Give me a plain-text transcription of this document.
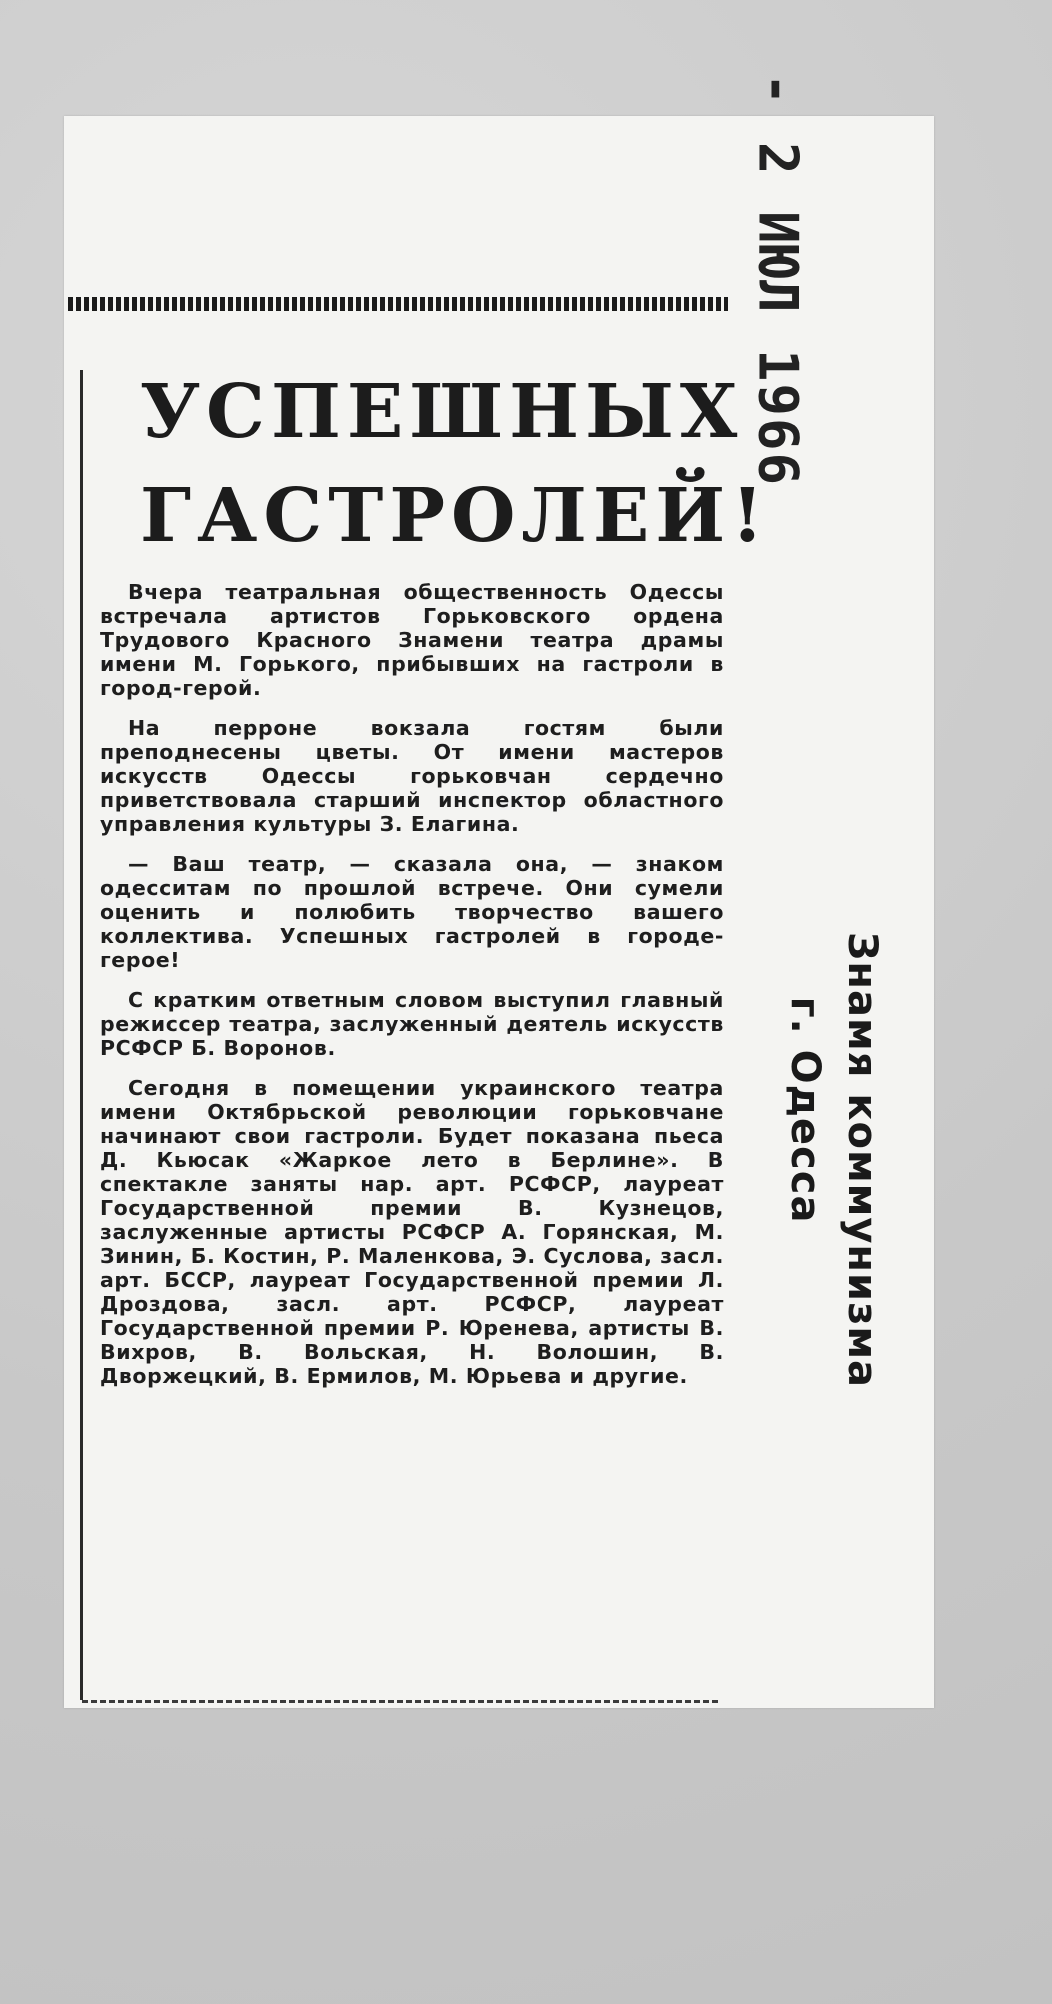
УСПЕШНЫХ
ГАСТРОЛЕЙ!

Вчера театральная общественность Одессы встречала артистов Горьковского ордена Трудового Красного Знамени театра драмы имени М. Горького, прибывших на гастроли в город-герой.

На перроне вокзала гостям были преподнесены цветы. От имени мастеров искусств Одессы горьковчан сердечно приветствовала старший инспектор областного управления культуры З. Елагина.

— Ваш театр, — сказала она, — знаком одесситам по прошлой встрече. Они сумели оценить и полюбить творчество вашего коллектива. Успешных гастролей в городе-герое!

С кратким ответным словом выступил главный режиссер театра, заслуженный деятель искусств РСФСР Б. Воронов.

Сегодня в помещении украинского театра имени Октябрьской революции горьковчане начинают свои гастроли. Будет показана пьеса Д. Кьюсак «Жаркое лето в Берлине». В спектакле заняты нар. арт. РСФСР, лауреат Государственной премии В. Кузнецов, заслуженные артисты РСФСР А. Горянская, М. Зинин, Б. Костин, Р. Маленкова, Э. Суслова, засл. арт. БССР, лауреат Государственной премии Л. Дроздова, засл. арт. РСФСР, лауреат Государственной премии Р. Юренева, артисты В. Вихров, В. Вольская, Н. Волошин, В. Дворжецкий, В. Ермилов, М. Юрьева и другие.

- 2 ИЮЛ 1966
Знамя коммунизма
г. Одесса
